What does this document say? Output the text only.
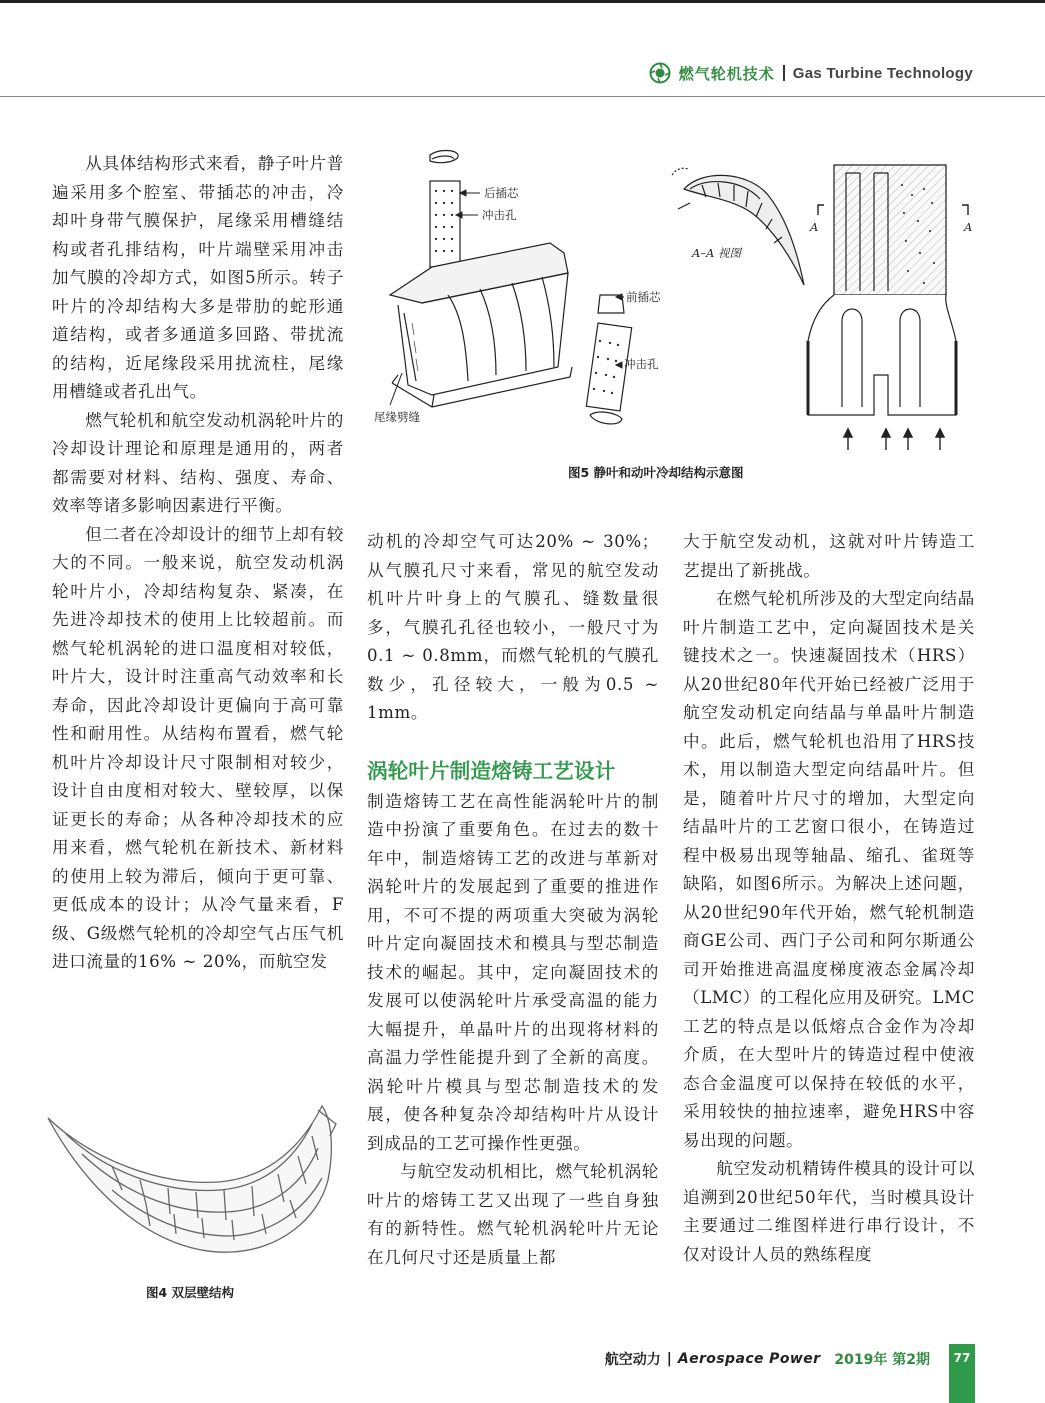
燃气轮机技术 Gas Turbine Technology

从具体结构形式来看，静子叶片普遍采用多个腔室、带插芯的冲击，冷却叶身带气膜保护，尾缘采用槽缝结构或者孔排结构，叶片端壁采用冲击加气膜的冷却方式，如图5所示。转子叶片的冷却结构大多是带肋的蛇形通道结构，或者多通道多回路、带扰流的结构，近尾缘段采用扰流柱，尾缘用槽缝或者孔出气。

燃气轮机和航空发动机涡轮叶片的冷却设计理论和原理是通用的，两者都需要对材料、结构、强度、寿命、效率等诸多影响因素进行平衡。

但二者在冷却设计的细节上却有较大的不同。一般来说，航空发动机涡轮叶片小，冷却结构复杂、紧凑，在先进冷却技术的使用上比较超前。而燃气轮机涡轮的进口温度相对较低，叶片大，设计时注重高气动效率和长寿命，因此冷却设计更偏向于高可靠性和耐用性。从结构布置看，燃气轮机叶片冷却设计尺寸限制相对较少，设计自由度相对较大、壁较厚，以保证更长的寿命；从各种冷却技术的应用来看，燃气轮机在新技术、新材料的使用上较为滞后，倾向于更可靠、更低成本的设计；从冷气量来看，F级、G级燃气轮机的冷却空气占压气机进口流量的16% ~ 20%，而航空发

后插芯
冲击孔
前插芯
冲击孔
尾缘劈缝
A–A 视图
A	A
图5 静叶和动叶冷却结构示意图

动机的冷却空气可达20% ~ 30%；从气膜孔尺寸来看，常见的航空发动机叶片叶身上的气膜孔、缝数量很多，气膜孔孔径也较小，一般尺寸为0.1 ~ 0.8mm，而燃气轮机的气膜孔数少，孔径较大，一般为0.5 ~ 1mm。

涡轮叶片制造熔铸工艺设计

制造熔铸工艺在高性能涡轮叶片的制造中扮演了重要角色。在过去的数十年中，制造熔铸工艺的改进与革新对涡轮叶片的发展起到了重要的推进作用，不可不提的两项重大突破为涡轮叶片定向凝固技术和模具与型芯制造技术的崛起。其中，定向凝固技术的发展可以使涡轮叶片承受高温的能力大幅提升，单晶叶片的出现将材料的高温力学性能提升到了全新的高度。涡轮叶片模具与型芯制造技术的发展，使各种复杂冷却结构叶片从设计到成品的工艺可操作性更强。

与航空发动机相比，燃气轮机涡轮叶片的熔铸工艺又出现了一些自身独有的新特性。燃气轮机涡轮叶片无论在几何尺寸还是质量上都

大于航空发动机，这就对叶片铸造工艺提出了新挑战。

在燃气轮机所涉及的大型定向结晶叶片制造工艺中，定向凝固技术是关键技术之一。快速凝固技术（HRS）从20世纪80年代开始已经被广泛用于航空发动机定向结晶与单晶叶片制造中。此后，燃气轮机也沿用了HRS技术，用以制造大型定向结晶叶片。但是，随着叶片尺寸的增加，大型定向结晶叶片的工艺窗口很小，在铸造过程中极易出现等轴晶、缩孔、雀斑等缺陷，如图6所示。为解决上述问题，从20世纪90年代开始，燃气轮机制造商GE公司、西门子公司和阿尔斯通公司开始推进高温度梯度液态金属冷却（LMC）的工程化应用及研究。LMC工艺的特点是以低熔点合金作为冷却介质，在大型叶片的铸造过程中使液态合金温度可以保持在较低的水平，采用较快的抽拉速率，避免HRS中容易出现的问题。

航空发动机精铸件模具的设计可以追溯到20世纪50年代，当时模具设计主要通过二维图样进行串行设计，不仅对设计人员的熟练程度

图4 双层壁结构
航空动力 | Aerospace Power 2019年 第2期	77
